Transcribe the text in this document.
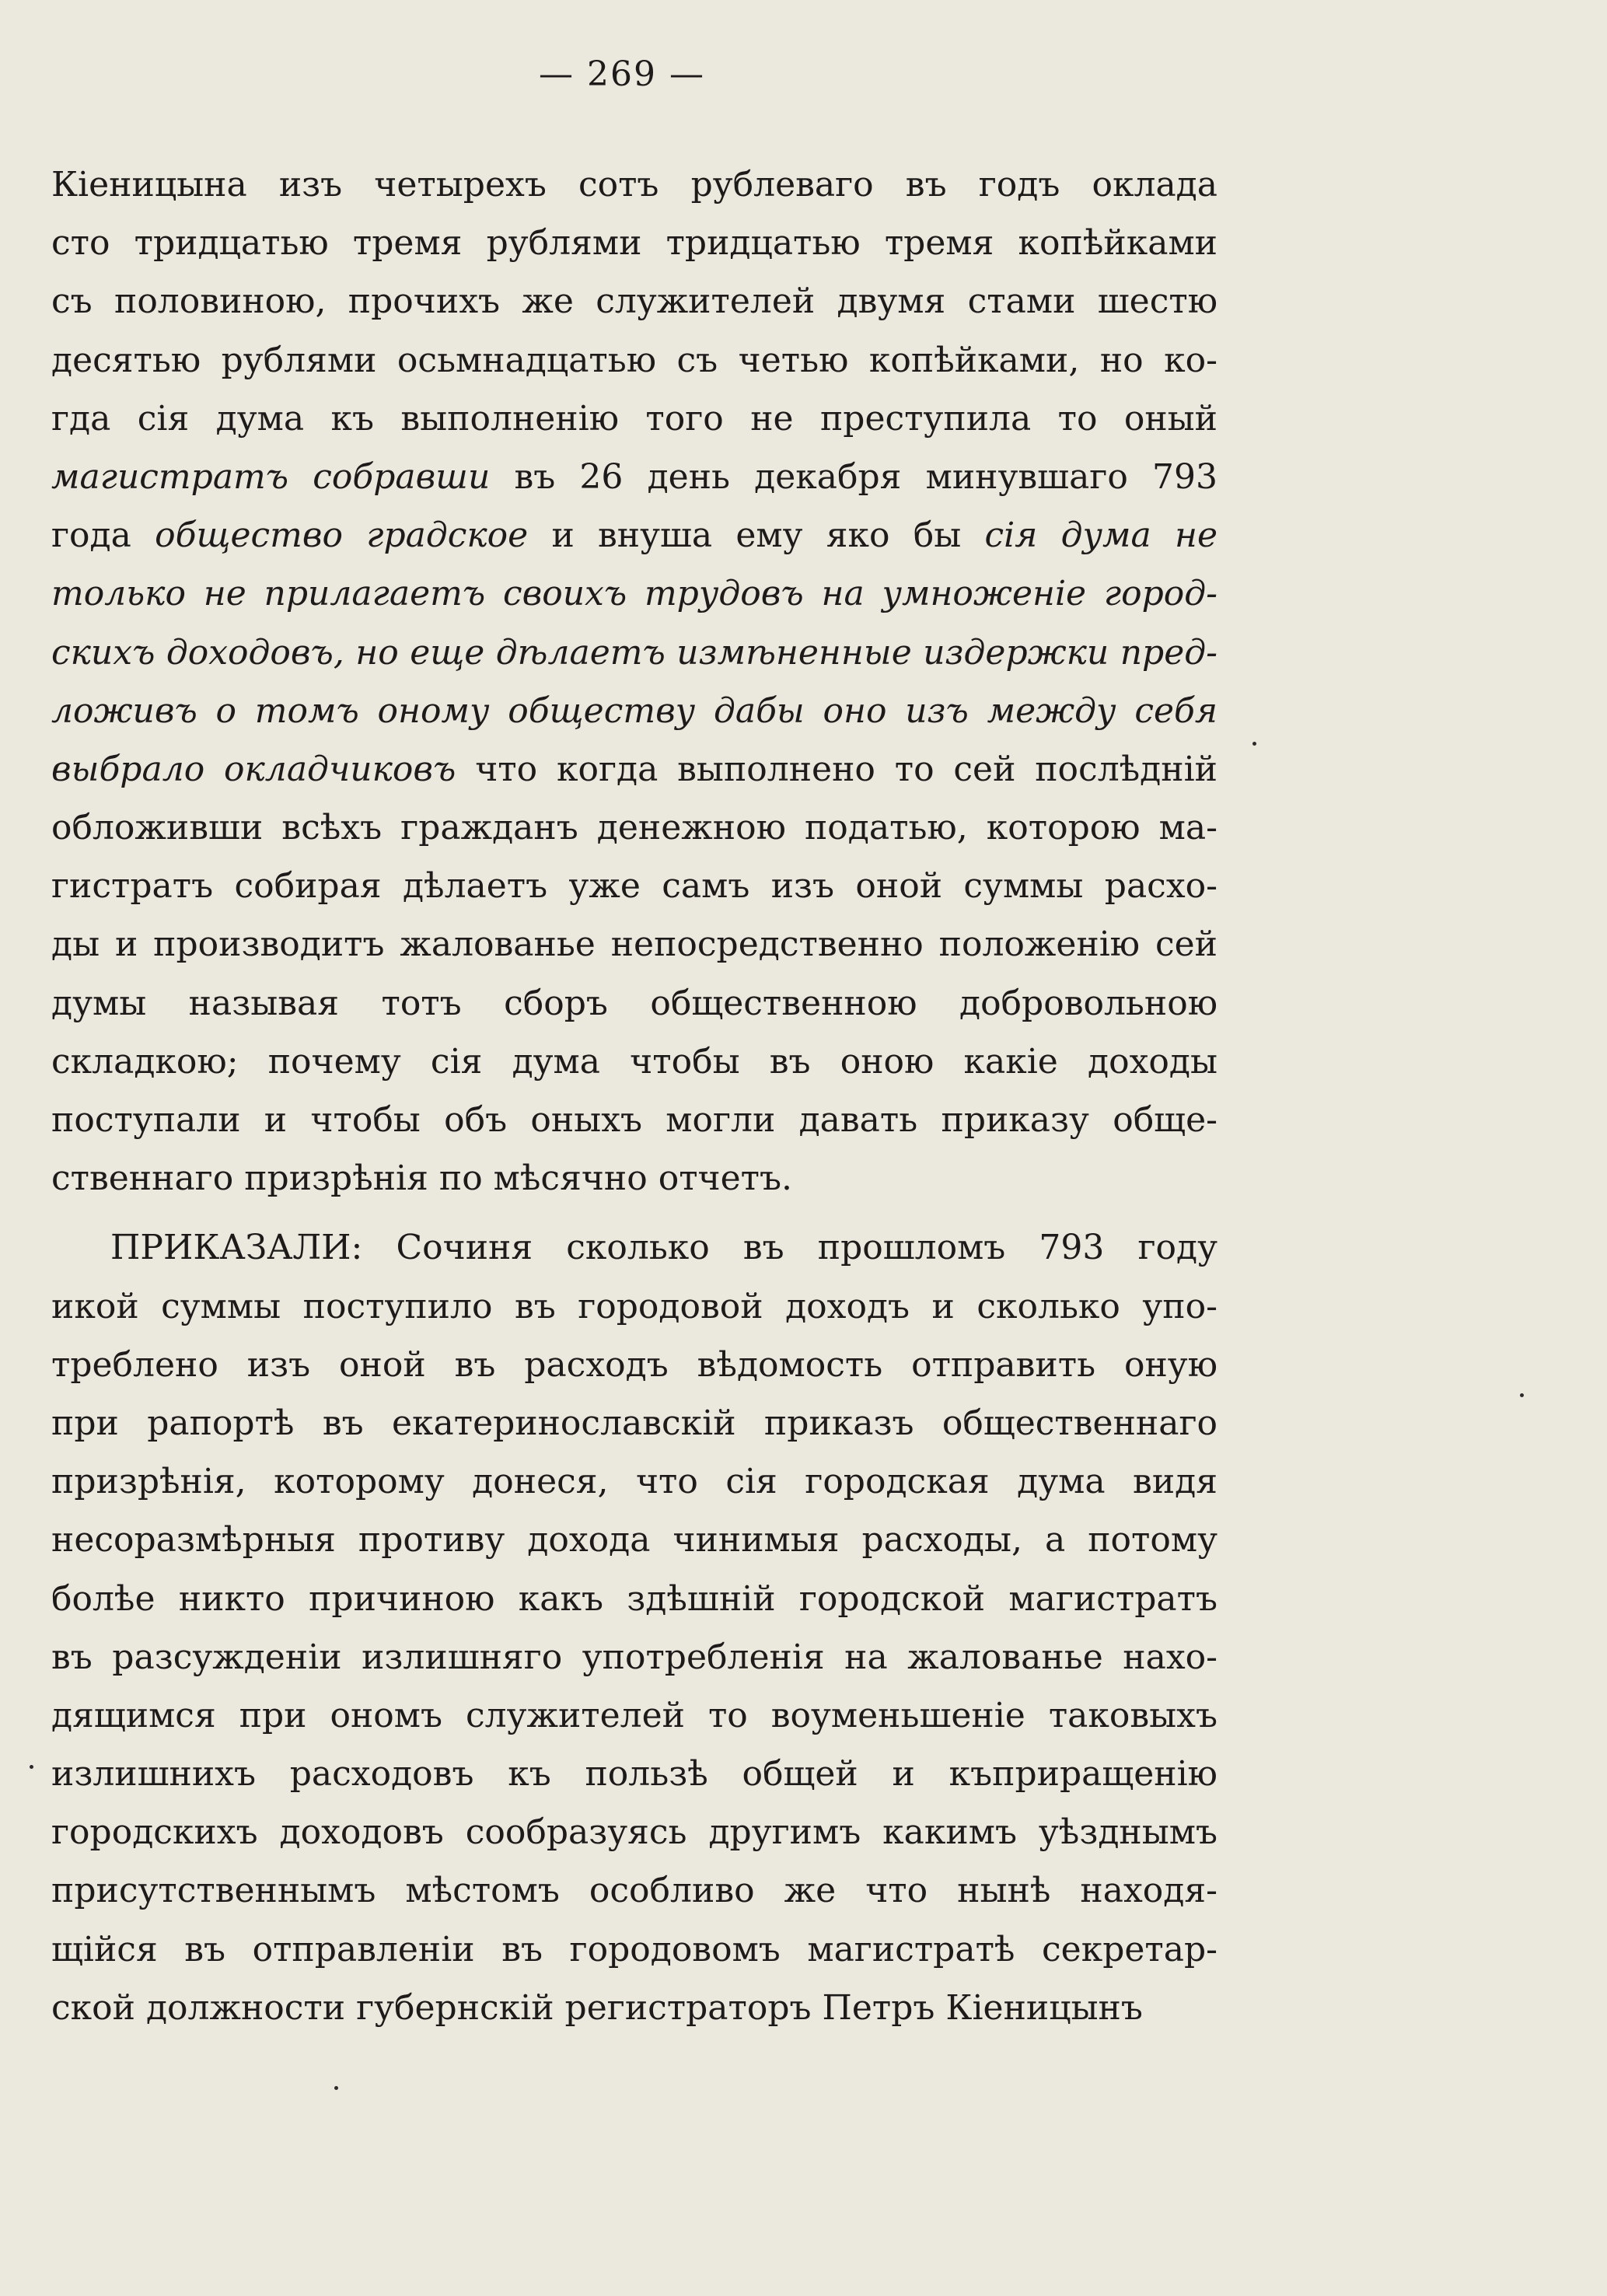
— 269 —
Кіеницына изъ четырехъ сотъ рублеваго въ годъ оклада
сто тридцатью тремя рублями тридцатью тремя копѣйками
съ половиною, прочихъ же служителей двумя стами шестю
десятью рублями осьмнадцатью съ четью копѣйками, но ко-
гда сія дума къ выполненію того не преступила то оный
магистратъ собравши въ 26 день декабря минувшаго 793
года общество градское и внуша ему яко бы сія дума не
только не прилагаетъ своихъ трудовъ на умноженіе город-
скихъ доходовъ, но еще дѣлаетъ измѣненные издержки пред-
ложивъ о томъ оному обществу дабы оно изъ между себя
выбрало окладчиковъ что когда выполнено то сей послѣдній
обложивши всѣхъ гражданъ денежною податью, которою ма-
гистратъ собирая дѣлаетъ уже самъ изъ оной суммы расхо-
ды и производитъ жалованье непосредственно положенію сей
думы называя тотъ сборъ общественною добровольною
складкою; почему сія дума чтобы въ оною какіе доходы
поступали и чтобы объ оныхъ могли давать приказу обще-
ственнаго призрѣнія по мѣсячно отчетъ.
ПРИКАЗАЛИ: Сочиня сколько въ прошломъ 793 году
икой суммы поступило въ городовой доходъ и сколько упо-
треблено изъ оной въ расходъ вѣдомость отправить оную
при рапортѣ въ екатеринославскій приказъ общественнаго
призрѣнія, которому донеся, что сія городская дума видя
несоразмѣрныя противу дохода чинимыя расходы, а потому
болѣе никто причиною какъ здѣшній городской магистратъ
въ разсужденіи излишняго употребленія на жалованье нахо-
дящимся при ономъ служителей то воуменьшеніе таковыхъ
излишнихъ расходовъ къ пользѣ общей и къприращенію
городскихъ доходовъ сообразуясь другимъ какимъ уѣзднымъ
присутственнымъ мѣстомъ особливо же что нынѣ находя-
щійся въ отправленіи въ городовомъ магистратѣ секретар-
ской должности губернскій регистраторъ Петръ Кіеницынъ
